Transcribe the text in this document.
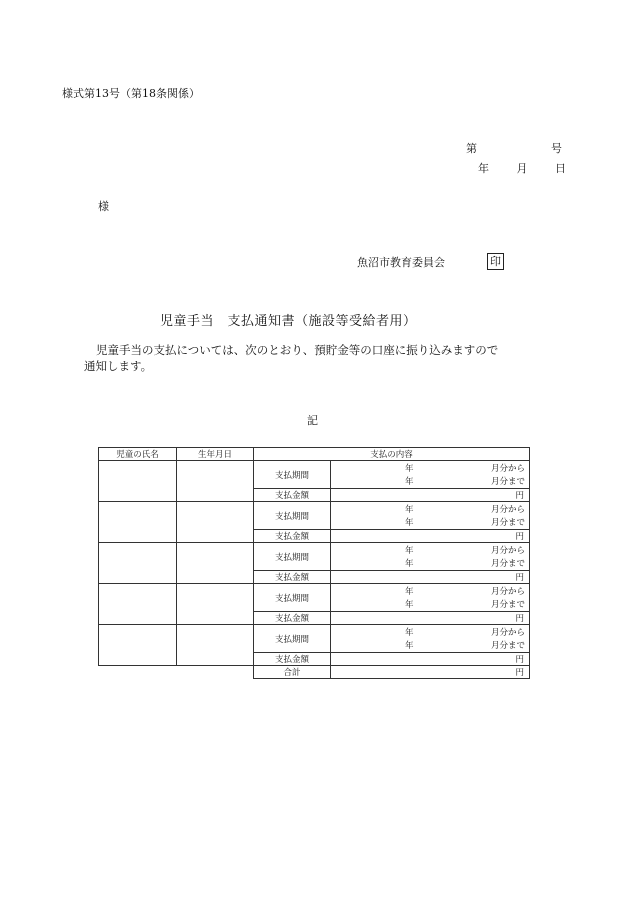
様式第13号（第18条関係）
第	号
年	月	日
様
魚沼市教育委員会	印
児童手当　支払通知書（施設等受給者用）
児童手当の支払については、次のとおり、預貯金等の口座に振り込みますので通知します。
記
児童の氏名	生年月日	支払の内容	
		支払期間	年 月分から
年 月分まで

		支払金額	円
		支払期間	年 月分から
年 月分まで

		支払金額	円
		支払期間	年 月分から
年 月分まで

		支払金額	円
		支払期間	年 月分から
年 月分まで

		支払金額	円
		支払期間	年 月分から
年 月分まで

		支払金額	円
		合計	円
